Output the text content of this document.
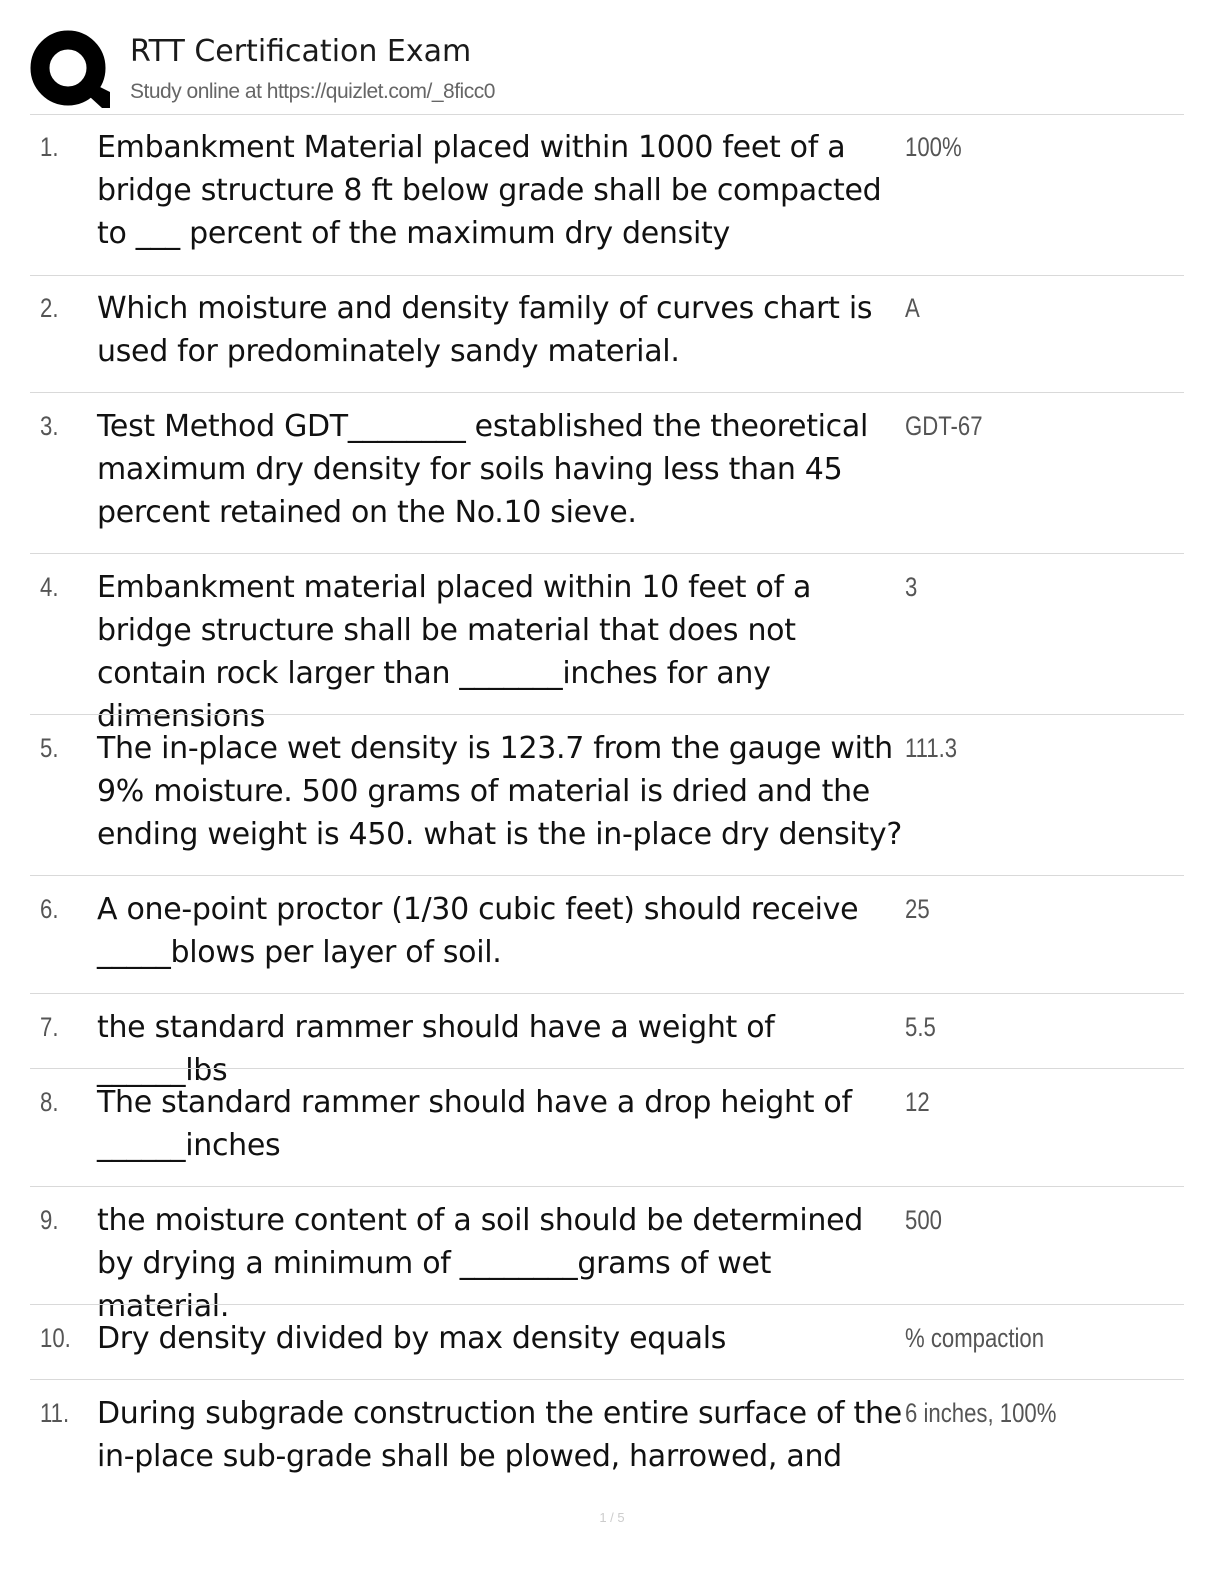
RTT Certification Exam
Study online at https://quizlet.com/_8ficc0
1. Embankment Material placed within 1000 feet of a bridge structure 8 ft below grade shall be compacted to ___ percent of the maximum dry density
100%
2. Which moisture and density family of curves chart is used for predominately sandy material.
A
3. Test Method GDT________ established the theoretical maximum dry density for soils having less than 45 percent retained on the No.10 sieve.
GDT-67
4. Embankment material placed within 10 feet of a bridge structure shall be material that does not contain rock larger than _______inches for any dimensions
3
5. The in-place wet density is 123.7 from the gauge with 9% moisture. 500 grams of material is dried and the ending weight is 450. what is the in-place dry density?
111.3
6. A one-point proctor (1/30 cubic feet) should receive _____blows per layer of soil.
25
7. the standard rammer should have a weight of ______lbs
5.5
8. The standard rammer should have a drop height of ______inches
12
9. the moisture content of a soil should be determined by drying a minimum of ________grams of wet material.
500
10. Dry density divided by max density equals	% compaction
11. During subgrade construction the entire surface of the in-place sub-grade shall be plowed, harrowed, and
6 inches, 100%
1 / 5
